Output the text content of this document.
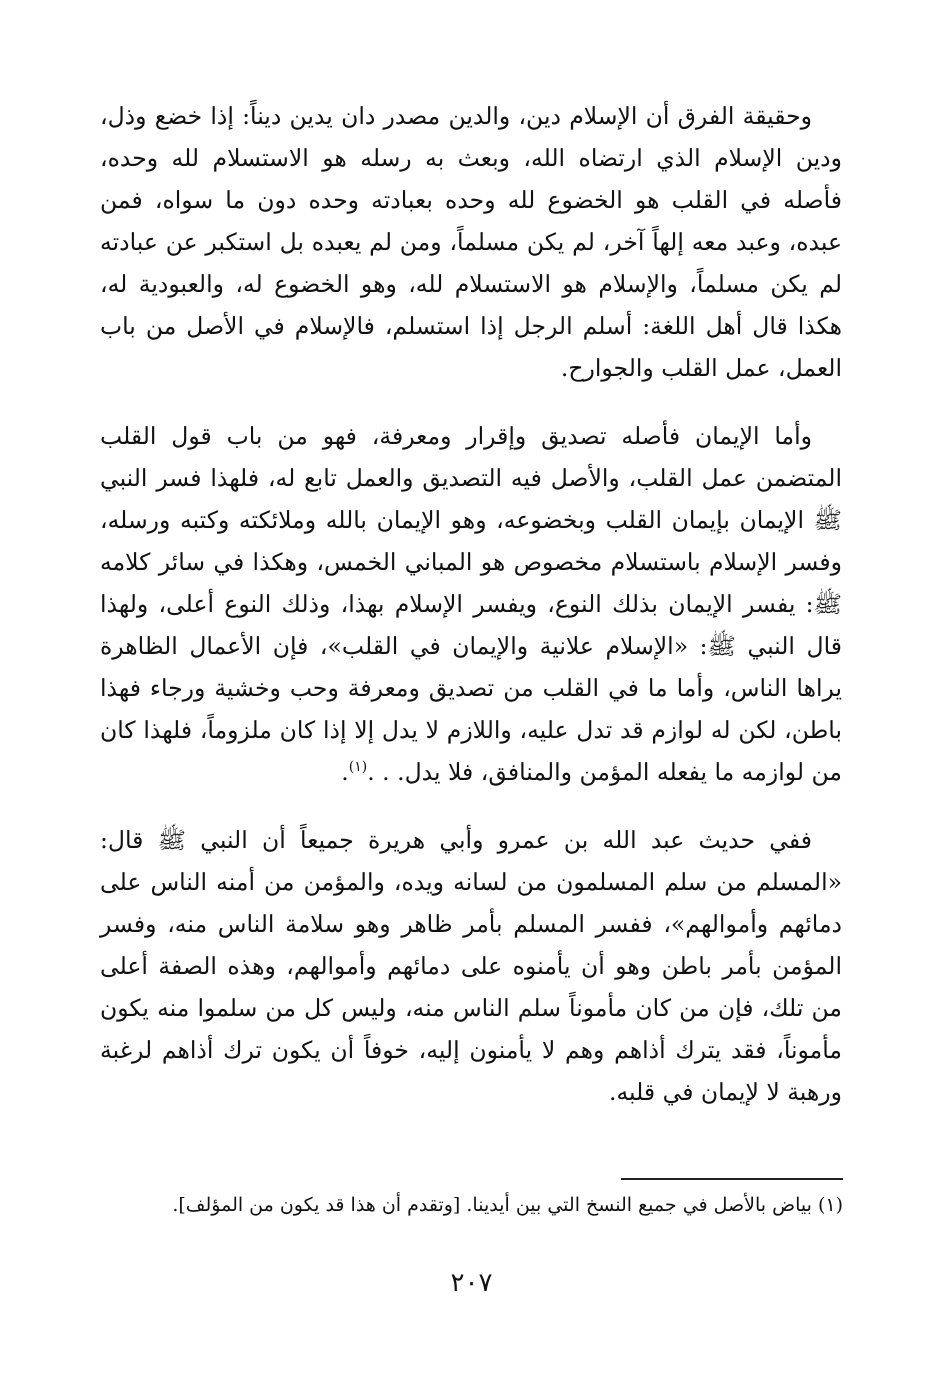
وحقيقة الفرق أن الإسلام دين، والدين مصدر دان يدين ديناً: إذا خضع وذل، ودين الإسلام الذي ارتضاه الله، وبعث به رسله هو الاستسلام لله وحده، فأصله في القلب هو الخضوع لله وحده بعبادته وحده دون ما سواه، فمن عبده، وعبد معه إلهاً آخر، لم يكن مسلماً، ومن لم يعبده بل استكبر عن عبادته لم يكن مسلماً، والإسلام هو الاستسلام لله، وهو الخضوع له، والعبودية له، هكذا قال أهل اللغة: أسلم الرجل إذا استسلم، فالإسلام في الأصل من باب العمل، عمل القلب والجوارح.

وأما الإيمان فأصله تصديق وإقرار ومعرفة، فهو من باب قول القلب المتضمن عمل القلب، والأصل فيه التصديق والعمل تابع له، فلهذا فسر النبي ﷺ الإيمان بإيمان القلب وبخضوعه، وهو الإيمان بالله وملائكته وكتبه ورسله، وفسر الإسلام باستسلام مخصوص هو المباني الخمس، وهكذا في سائر كلامه ﷺ: يفسر الإيمان بذلك النوع، ويفسر الإسلام بهذا، وذلك النوع أعلى، ولهذا قال النبي ﷺ: «الإسلام علانية والإيمان في القلب»، فإن الأعمال الظاهرة يراها الناس، وأما ما في القلب من تصديق ومعرفة وحب وخشية ورجاء فهذا باطن، لكن له لوازم قد تدل عليه، واللازم لا يدل إلا إذا كان ملزوماً، فلهذا كان من لوازمه ما يفعله المؤمن والمنافق، فلا يدل. . .$^{(١)}$.

ففي حديث عبد الله بن عمرو وأبي هريرة جميعاً أن النبي ﷺ قال: «المسلم من سلم المسلمون من لسانه ويده، والمؤمن من أمنه الناس على دمائهم وأموالهم»، ففسر المسلم بأمر ظاهر وهو سلامة الناس منه، وفسر المؤمن بأمر باطن وهو أن يأمنوه على دمائهم وأموالهم، وهذه الصفة أعلى من تلك، فإن من كان مأموناً سلم الناس منه، وليس كل من سلموا منه يكون مأموناً، فقد يترك أذاهم وهم لا يأمنون إليه، خوفاً أن يكون ترك أذاهم لرغبة ورهبة لا لإيمان في قلبه.

(١) بياض بالأصل في جميع النسخ التي بين أيدينا. [وتقدم أن هذا قد يكون من المؤلف].
٢٠٧
